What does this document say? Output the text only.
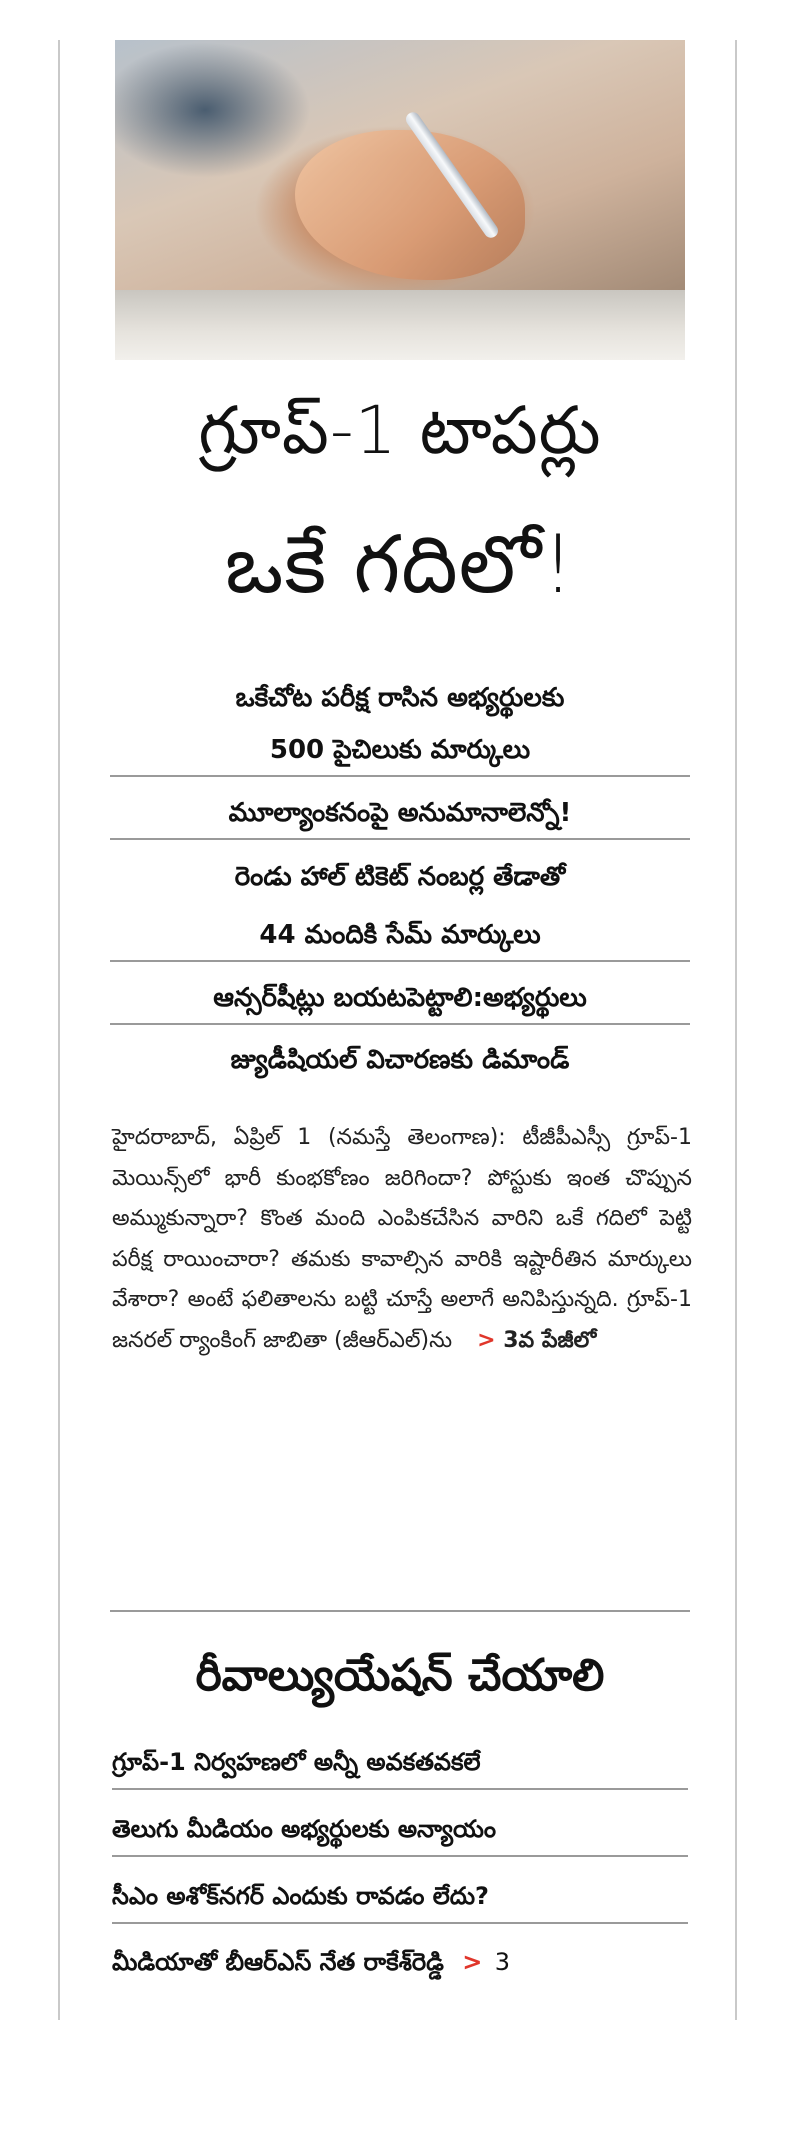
గ్రూప్-1 టాపర్లు
ఒకే గదిలో!
ఒకేచోట పరీక్ష రాసిన అభ్యర్థులకు
500 పైచిలుకు మార్కులు
మూల్యాంకనంపై అనుమానాలెన్నో!
రెండు హాల్ టికెట్ నంబర్ల తేడాతో
44 మందికి సేమ్ మార్కులు
ఆన్సర్‌షీట్లు బయటపెట్టాలి:అభ్యర్థులు
జ్యుడీషియల్ విచారణకు డిమాండ్
హైదరాబాద్, ఏప్రిల్ 1 (నమస్తే తెలంగాణ): టీజీపీఎస్సీ గ్రూప్-1 మెయిన్స్‌లో భారీ కుంభకోణం జరిగిందా? పోస్టుకు ఇంత చొప్పున అమ్ముకున్నారా? కొంత మంది ఎంపికచేసిన వారిని ఒకే గదిలో పెట్టి పరీక్ష రాయించారా? తమకు కావాల్సిన వారికి ఇష్టారీతిన మార్కులు వేశారా? అంటే ఫలితాలను బట్టి చూస్తే అలాగే అనిపిస్తున్నది. గ్రూప్-1 జనరల్ ర్యాంకింగ్ జాబితా (జీఆర్ఎల్)ను > 3వ పేజీలో
రీవాల్యుయేషన్ చేయాలి
గ్రూప్-1 నిర్వహణలో అన్నీ అవకతవకలే
తెలుగు మీడియం అభ్యర్థులకు అన్యాయం
సీఎం అశోక్‌నగర్ ఎందుకు రావడం లేదు?
మీడియాతో బీఆర్ఎస్ నేత రాకేశ్‌రెడ్డి > 3
